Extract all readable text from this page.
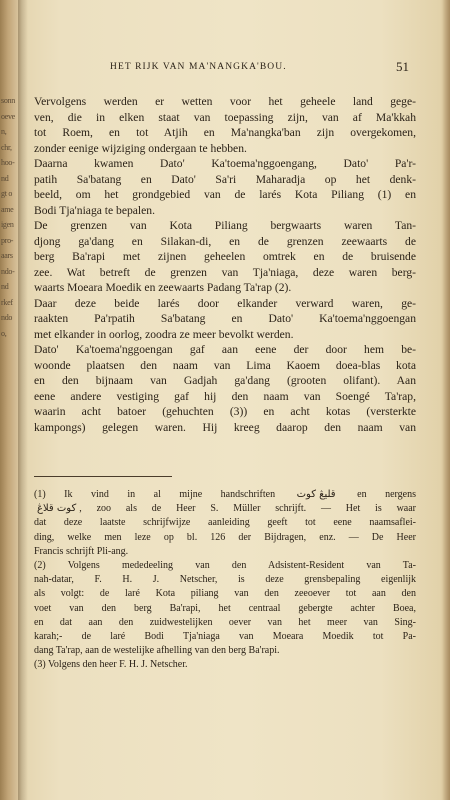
sonn
oeve
n,
chr,
hoo-
nd
gt o
ame
igen
pro-
aars
ndo-
nd
rkef
ndo
o,
HET RIJK VAN MA'NANGKA'BOU.	51
Vervolgens werden er wetten voor het geheele land gege-
ven, die in elken staat van toepassing zijn, van af Ma'kkah
tot Roem, en tot Atjih en Ma'nangka'ban zijn overgekomen,
zonder eenige wijziging ondergaan te hebben.
Daarna kwamen Dato' Ka'toema'nggoengang, Dato' Pa'r-
patih Sa'batang en Dato' Sa'ri Maharadja op het denk-
beeld, om het grondgebied van de larés Kota Piliang (1) en
Bodi Tja'niaga te bepalen.
De grenzen van Kota Piliang bergwaarts waren Tan-
djong ga'dang en Silakan-di, en de grenzen zeewaarts de
berg Ba'rapi met zijnen geheelen omtrek en de bruisende
zee. Wat betreft de grenzen van Tja'niaga, deze waren berg-
waarts Moeara Moedik en zeewaarts Padang Ta'rap (2).
Daar deze beide larés door elkander verward waren, ge-
raakten Pa'rpatih Sa'batang en Dato' Ka'toema'nggoengan
met elkander in oorlog, zoodra ze meer bevolkt werden.
Dato' Ka'toema'nggoengan gaf aan eene der door hem be-
woonde plaatsen den naam van Lima Kaoem doea-blas kota
en den bijnaam van Gadjah ga'dang (grooten olifant). Aan
eene andere vestiging gaf hij den naam van Soengé Ta'rap,
waarin acht batoer (gehuchten (3)) en acht kotas (versterkte
kampongs) gelegen waren. Hij kreeg daarop den naam van
(1) Ik vind in al mijne handschriften قليڠ كوت en nergens
كوت قلاڠ , zoo als de Heer S. Müller schrijft. — Het is waar
dat deze laatste schrijfwijze aanleiding geeft tot eene naamsaflei-
ding, welke men leze op bl. 126 der Bijdragen, enz. — De Heer
Francis schrijft Pli-ang.
(2) Volgens mededeeling van den Adsistent-Resident van Ta-
nah-datar, F. H. J. Netscher, is deze grensbepaling eigenlijk
als volgt: de laré Kota piliang van den zeeoever tot aan den
voet van den berg Ba'rapi, het centraal gebergte achter Boea,
en dat aan den zuidwestelijken oever van het meer van Sing-
karah;- de laré Bodi Tja'niaga van Moeara Moedik tot Pa-
dang Ta'rap, aan de westelijke afhelling van den berg Ba'rapi.
(3) Volgens den heer F. H. J. Netscher.
